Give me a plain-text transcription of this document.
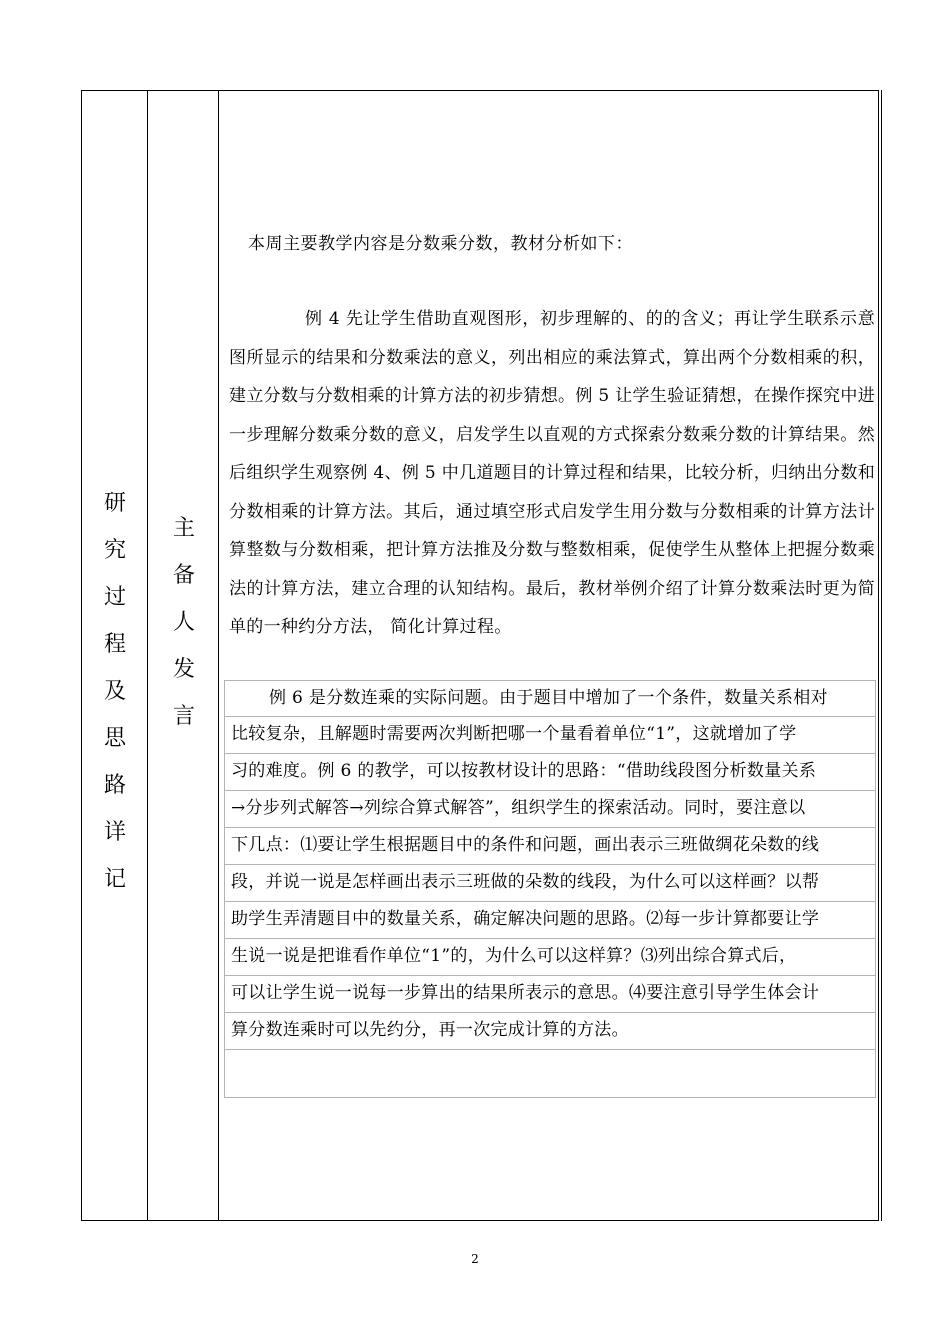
研
究
过
程
及
思
路
详
记
主
备
人
发
言
本周主要教学内容是分数乘分数，教材分析如下：
例 4 先让学生借助直观图形，初步理解的、的的含义；再让学生联系示意图所显示的结果和分数乘法的意义，列出相应的乘法算式，算出两个分数相乘的积，建立分数与分数相乘的计算方法的初步猜想。例 5 让学生验证猜想，在操作探究中进一步理解分数乘分数的意义，启发学生以直观的方式探索分数乘分数的计算结果。然后组织学生观察例 4、例 5 中几道题目的计算过程和结果，比较分析，归纳出分数和分数相乘的计算方法。其后，通过填空形式启发学生用分数与分数相乘的计算方法计算整数与分数相乘，把计算方法推及分数与整数相乘，促使学生从整体上把握分数乘法的计算方法，建立合理的认知结构。最后，教材举例介绍了计算分数乘法时更为简单的一种约分方法， 简化计算过程。
例 6 是分数连乘的实际问题。由于题目中增加了一个条件，数量关系相对
比较复杂，且解题时需要两次判断把哪一个量看着单位“1”，这就增加了学
习的难度。例 6 的教学，可以按教材设计的思路：“借助线段图分析数量关系
→分步列式解答→列综合算式解答”，组织学生的探索活动。同时，要注意以
下几点：⑴要让学生根据题目中的条件和问题，画出表示三班做绸花朵数的线
段，并说一说是怎样画出表示三班做的朵数的线段，为什么可以这样画？以帮
助学生弄清题目中的数量关系，确定解决问题的思路。⑵每一步计算都要让学
生说一说是把谁看作单位“1”的，为什么可以这样算？⑶列出综合算式后，
可以让学生说一说每一步算出的结果所表示的意思。⑷要注意引导学生体会计
算分数连乘时可以先约分，再一次完成计算的方法。
2
